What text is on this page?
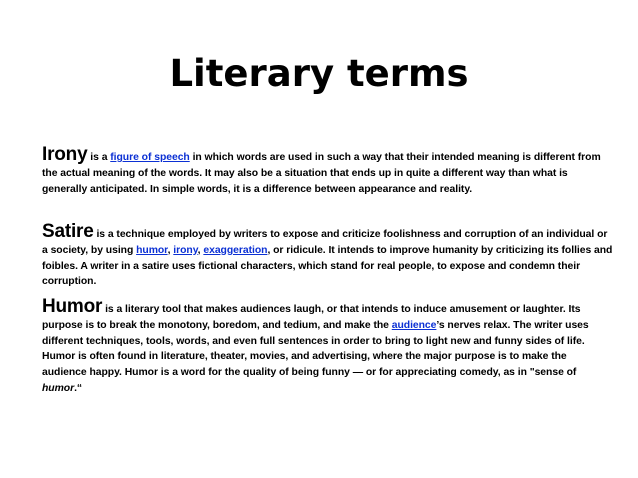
Literary terms
Irony is a figure of speech in which words are used in such a way that their intended meaning is different from the actual meaning of the words. It may also be a situation that ends up in quite a different way than what is generally anticipated. In simple words, it is a difference between appearance and reality.
Satire is a technique employed by writers to expose and criticize foolishness and corruption of an individual or a society, by using humor, irony, exaggeration, or ridicule. It intends to improve humanity by criticizing its follies and foibles. A writer in a satire uses fictional characters, which stand for real people, to expose and condemn their corruption.
Humor is a literary tool that makes audiences laugh, or that intends to induce amusement or laughter. Its purpose is to break the monotony, boredom, and tedium, and make the audience’s nerves relax. The writer uses different techniques, tools, words, and even full sentences in order to bring to light new and funny sides of life. Humor is often found in literature, theater, movies, and advertising, where the major purpose is to make the audience happy. Humor is a word for the quality of being funny — or for appreciating comedy, as in "sense of humor.“
